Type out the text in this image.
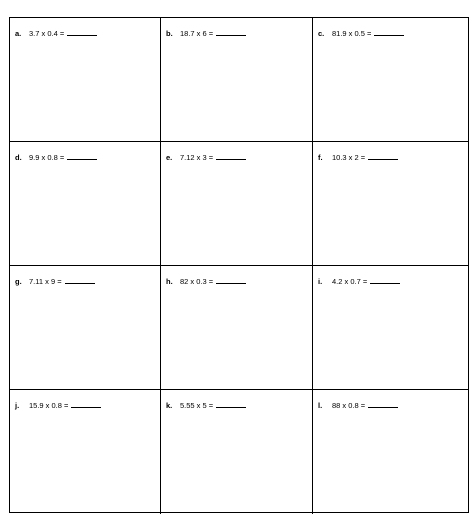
a.	3.7 x 0.4 =	b. 18.7 x 6 =	c.	81.9 x 0.5 =
d. 9.9 x 0.8 =	e.	7.12 x 3 =	f.	10.3 x 2 =
g. 7.11 x 9 =	h. 82 x 0.3 =	i.	4.2 x 0.7 =
j.	15.9 x 0.8 =	k.	5.55 x 5 =	l.	88 x 0.8 =
